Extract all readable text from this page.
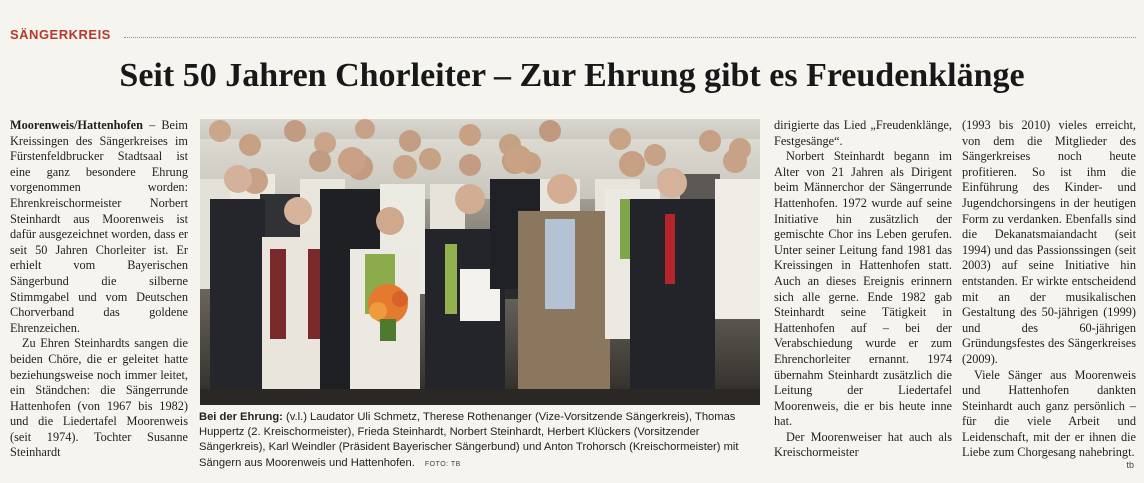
SÄNGERKREIS
Seit 50 Jahren Chorleiter – Zur Ehrung gibt es Freudenklänge

Moorenweis/Hattenhofen – Beim Kreissingen des Sängerkreises im Fürstenfeldbrucker Stadtsaal ist eine ganz besondere Ehrung vorgenommen worden: Ehrenkreischormeister Norbert Steinhardt aus Moorenweis ist dafür ausgezeichnet worden, dass er seit 50 Jahren Chorleiter ist. Er erhielt vom Bayerischen Sängerbund die silberne Stimmgabel und vom Deutschen Chorverband das goldene Ehrenzeichen.

Zu Ehren Steinhardts sangen die beiden Chöre, die er geleitet hatte beziehungsweise noch immer leitet, ein Ständchen: die Sängerrunde Hattenhofen (von 1967 bis 1982) und die Liedertafel Moorenweis (seit 1974). Tochter Susanne Steinhardt

Bei der Ehrung: (v.l.) Laudator Uli Schmetz, Therese Rothenanger (Vize-Vorsitzende Sängerkreis), Thomas Huppertz (2. Kreischormeister), Frieda Steinhardt, Norbert Steinhardt, Herbert Klückers (Vorsitzender Sängerkreis), Karl Weindler (Präsident Bayerischer Sängerbund) und Anton Trohorsch (Kreischormeister) mit Sängern aus Moorenweis und Hattenhofen. FOTO: TB

dirigierte das Lied „Freudenklänge, Festgesänge“.

Norbert Steinhardt begann im Alter von 21 Jahren als Dirigent beim Männerchor der Sängerrunde Hattenhofen. 1972 wurde auf seine Initiative hin zusätzlich der gemischte Chor ins Leben gerufen. Unter seiner Leitung fand 1981 das Kreissingen in Hattenhofen statt. Auch an dieses Ereignis erinnern sich alle gerne. Ende 1982 gab Steinhardt seine Tätigkeit in Hattenhofen auf – bei der Verabschiedung wurde er zum Ehrenchorleiter ernannt. 1974 übernahm Steinhardt zusätzlich die Leitung der Liedertafel Moorenweis, die er bis heute inne hat.

Der Moorenweiser hat auch als Kreischormeister

(1993 bis 2010) vieles erreicht, von dem die Mitglieder des Sängerkreises noch heute profitieren. So ist ihm die Einführung des Kinder- und Jugendchorsingens in der heutigen Form zu verdanken. Ebenfalls sind die Dekanatsmaiandacht (seit 1994) und das Passionssingen (seit 2003) auf seine Initiative hin entstanden. Er wirkte entscheidend mit an der musikalischen Gestaltung des 50-jährigen (1999) und des 60-jährigen Gründungsfestes des Sängerkreises (2009).

Viele Sänger aus Moorenweis und Hattenhofen dankten Steinhardt auch ganz persönlich – für die viele Arbeit und Leidenschaft, mit der er ihnen die Liebe zum Chorgesang nahebringt.

tb
